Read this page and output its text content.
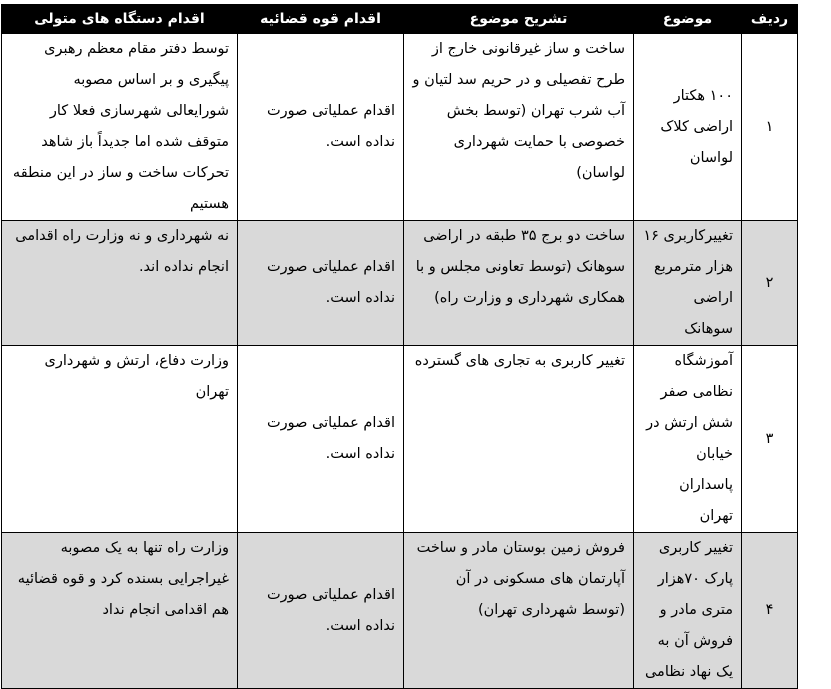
ردیف	موضوع	تشریح موضوع	اقدام قوه قضائیه	اقدام دستگاه های متولی
۱	۱۰۰ هکتار اراضی کلاک لواسان	ساخت و ساز غیرقانونی خارج از طرح تفصیلی و در حریم سد لتیان و آب شرب تهران (توسط بخش خصوصی با حمایت شهرداری لواسان)	اقدام عملیاتی صورت نداده است.	توسط دفتر مقام معظم رهبری پیگیری و بر اساس مصوبه شورایعالی شهرسازی فعلا کار متوقف شده اما جدیداً باز شاهد تحرکات ساخت و ساز در این منطقه هستیم
۲	تغییرکاربری ۱۶ هزار مترمربع اراضی سوهانک	ساخت دو برج ۳۵ طبقه در اراضی سوهانک (توسط تعاونی مجلس و با همکاری شهرداری و وزارت راه)	اقدام عملیاتی صورت نداده است.	نه شهرداری و نه وزارت راه اقدامی انجام نداده اند.
۳	آموزشگاه نظامی صفر شش ارتش در خیابان پاسداران تهران	تغییر کاربری به تجاری های گسترده	اقدام عملیاتی صورت نداده است.	وزارت دفاع، ارتش و شهرداری تهران
۴	تغییر کاربری پارک ۷۰هزار متری مادر و فروش آن به یک نهاد نظامی	فروش زمین بوستان مادر و ساخت آپارتمان های مسکونی در آن (توسط شهرداری تهران)	اقدام عملیاتی صورت نداده است.	وزارت راه تنها به یک مصوبه غیراجرایی بسنده کرد و قوه قضائیه هم اقدامی انجام نداد
